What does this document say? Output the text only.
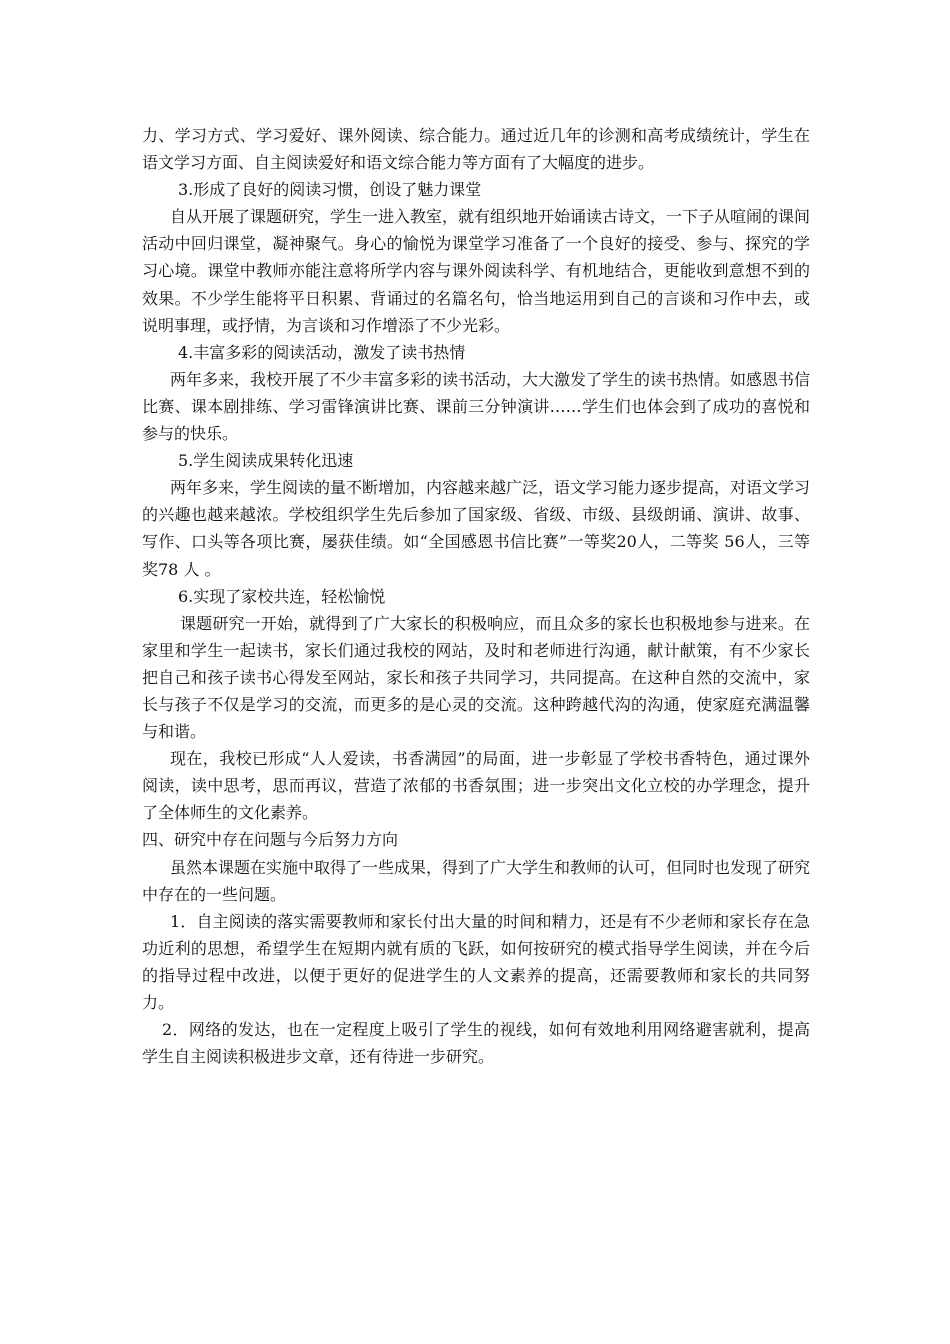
力、学习方式、学习爱好、课外阅读、综合能力。通过近几年的诊测和高考成绩统计，学生在语文学习方面、自主阅读爱好和语文综合能力等方面有了大幅度的进步。

3.形成了良好的阅读习惯，创设了魅力课堂

自从开展了课题研究，学生一进入教室，就有组织地开始诵读古诗文，一下子从喧闹的课间活动中回归课堂，凝神聚气。身心的愉悦为课堂学习准备了一个良好的接受、参与、探究的学习心境。课堂中教师亦能注意将所学内容与课外阅读科学、有机地结合，更能收到意想不到的效果。不少学生能将平日积累、背诵过的名篇名句，恰当地运用到自己的言谈和习作中去，或说明事理，或抒情，为言谈和习作增添了不少光彩。

4.丰富多彩的阅读活动，激发了读书热情

两年多来，我校开展了不少丰富多彩的读书活动，大大激发了学生的读书热情。如感恩书信比赛、课本剧排练、学习雷锋演讲比赛、课前三分钟演讲……学生们也体会到了成功的喜悦和参与的快乐。

5.学生阅读成果转化迅速

两年多来，学生阅读的量不断增加，内容越来越广泛，语文学习能力逐步提高，对语文学习的兴趣也越来越浓。学校组织学生先后参加了国家级、省级、市级、县级朗诵、演讲、故事、写作、口头等各项比赛，屡获佳绩。如“全国感恩书信比赛”一等奖20人，二等奖 56人，三等奖78 人 。

6.实现了家校共连，轻松愉悦

课题研究一开始，就得到了广大家长的积极响应，而且众多的家长也积极地参与进来。在家里和学生一起读书，家长们通过我校的网站，及时和老师进行沟通，献计献策，有不少家长把自己和孩子读书心得发至网站，家长和孩子共同学习，共同提高。在这种自然的交流中，家长与孩子不仅是学习的交流，而更多的是心灵的交流。这种跨越代沟的沟通，使家庭充满温馨与和谐。

现在，我校已形成“人人爱读，书香满园”的局面，进一步彰显了学校书香特色，通过课外阅读，读中思考，思而再议，营造了浓郁的书香氛围；进一步突出文化立校的办学理念，提升了全体师生的文化素养。

四、研究中存在问题与今后努力方向

虽然本课题在实施中取得了一些成果，得到了广大学生和教师的认可，但同时也发现了研究中存在的一些问题。

1．自主阅读的落实需要教师和家长付出大量的时间和精力，还是有不少老师和家长存在急功近利的思想，希望学生在短期内就有质的飞跃，如何按研究的模式指导学生阅读，并在今后的指导过程中改进，以便于更好的促进学生的人文素养的提高，还需要教师和家长的共同努力。

2．网络的发达，也在一定程度上吸引了学生的视线，如何有效地利用网络避害就利，提高学生自主阅读积极进步文章，还有待进一步研究。
